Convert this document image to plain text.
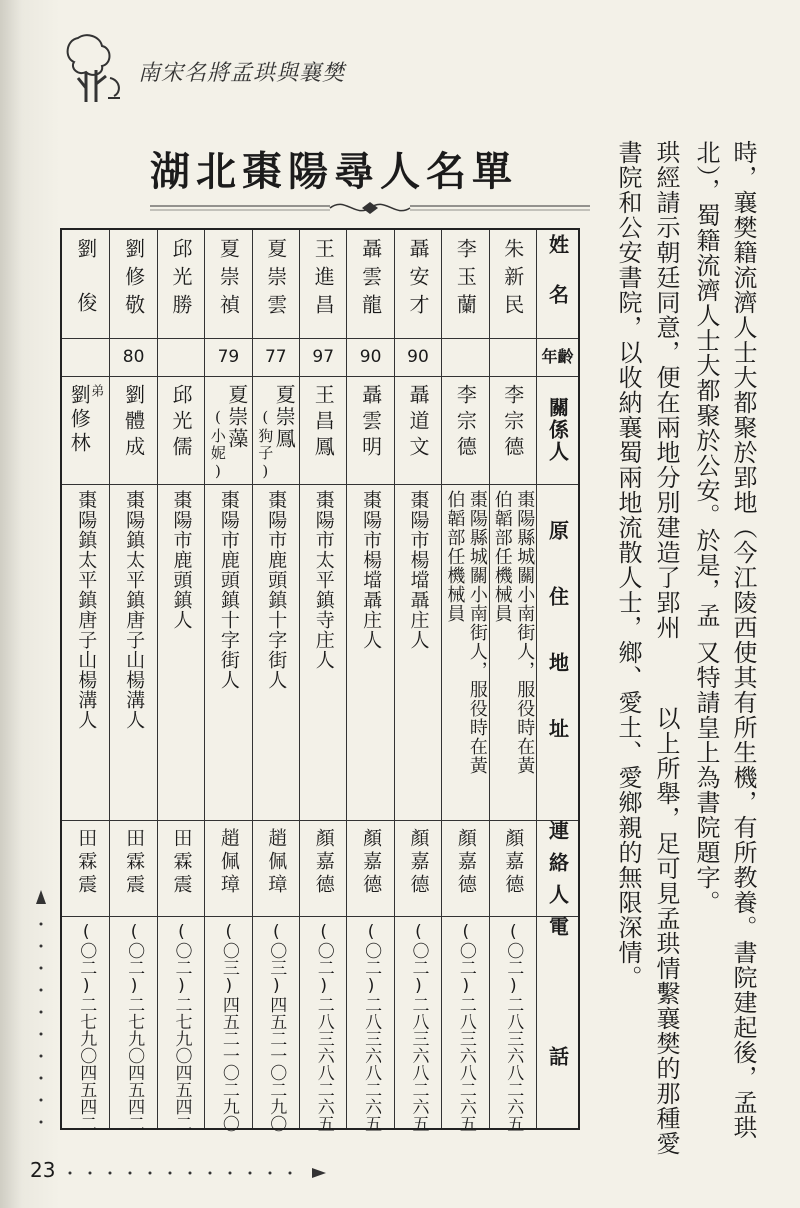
南宋名將孟珙與襄樊
湖北棗陽尋人名單
姓名
年齡
關係人
原住地址
連絡人
電話
朱新民
李宗德
棗陽縣城關小南街人，服役時在黃伯韜部任機械員
顏嘉德
(〇二)二八三六八二六五
李玉蘭
李宗德
棗陽縣城關小南街人，服役時在黃伯韜部任機械員
顏嘉德
(〇二)二八三六八二六五
聶安才
90
聶道文
棗陽市楊壋聶庄人
顏嘉德
(〇二)二八三六八二六五
聶雲龍
90
聶雲明
棗陽市楊壋聶庄人
顏嘉德
(〇二)二八三六八二六五
王進昌
97
王昌鳳
棗陽市太平鎮寺庄人
顏嘉德
(〇二)二八三六八二六五
夏崇雲
77
夏崇鳳
(狗子)
棗陽市鹿頭鎮十字街人
趙佩璋
(〇三)四五二一〇二九〇
夏崇禎
79
夏崇藻
(小妮)
棗陽市鹿頭鎮十字街人
趙佩璋
(〇三)四五二一〇二九〇
邱光勝
邱光儒
棗陽市鹿頭鎮人
田霖震
(〇二)二七九〇四五四二
劉修敬
80
劉體成
棗陽鎮太平鎮唐子山楊溝人
田霖震
(〇二)二七九〇四五四二
劉俊
弟
劉修林
棗陽鎮太平鎮唐子山楊溝人
田霖震
(〇二)二七九〇四五四二
時，襄樊籍流濟人士大都聚於郢地（今江陵西
北），蜀籍流濟人士大都聚於公安。於是，孟
珙經請示朝廷同意，便在兩地分別建造了郢州
書院和公安書院，以收納襄蜀兩地流散人士，
使其有所生機，有所教養。書院建起後，孟珙
又特請皇上為書院題字。
以上所舉，足可見孟珙情繫襄樊的那種愛
鄉、愛土、愛鄉親的無限深情。
23
